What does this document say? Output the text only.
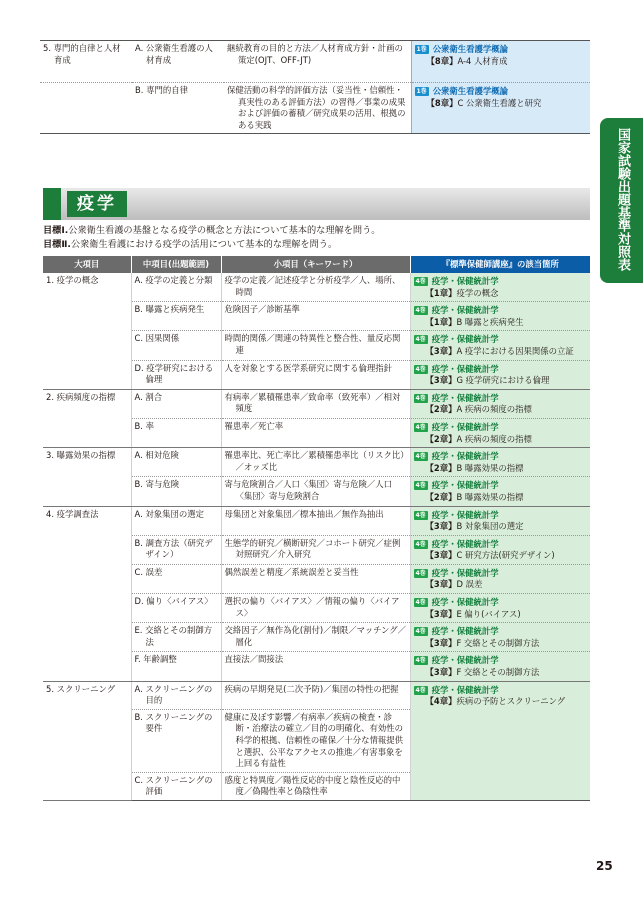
5. 専門的自律と人材育成	A. 公衆衛生看護の人材育成	継続教育の目的と方法／人材育成方針・計画の策定(OJT、OFF-JT)	1巻 公衆衛生看護学概論
【8章】A-4 人材育成

	B. 専門的自律	保健活動の科学的評価方法（妥当性・信頼性・真実性のある評価方法）の習得／事業の成果および評価の蓄積／研究成果の活用、根拠のある実践	1巻 公衆衛生看護学概論
【8章】C 公衆衛生看護と研究
疫学
目標Ⅰ.公衆衛生看護の基盤となる疫学の概念と方法について基本的な理解を問う。
目標Ⅱ.公衆衛生看護における疫学の活用について基本的な理解を問う。
大項目	中項目(出題範囲)	小項目（キーワード）	『標準保健師講座』の該当箇所

1. 疫学の概念	A. 疫学の定義と分類	疫学の定義／記述疫学と分析疫学／人、場所、時間	4巻 疫学・保健統計学
【1章】疫学の概念

	B. 曝露と疾病発生	危険因子／診断基準	4巻 疫学・保健統計学
【1章】B 曝露と疾病発生

	C. 因果関係	時間的関係／関連の特異性と整合性、量反応関連	4巻 疫学・保健統計学
【3章】A 疫学における因果関係の立証

	D. 疫学研究における倫理	人を対象とする医学系研究に関する倫理指針	4巻 疫学・保健統計学
【3章】G 疫学研究における倫理

2. 疾病頻度の指標	A. 割合	有病率／累積罹患率／致命率（致死率）／相対頻度	4巻 疫学・保健統計学
【2章】A 疾病の頻度の指標

	B. 率	罹患率／死亡率	4巻 疫学・保健統計学
【2章】A 疾病の頻度の指標

3. 曝露効果の指標	A. 相対危険	罹患率比、死亡率比／累積罹患率比（リスク比）／オッズ比	4巻 疫学・保健統計学
【2章】B 曝露効果の指標

	B. 寄与危険	寄与危険割合／人口〈集団〉寄与危険／人口〈集団〉寄与危険割合	4巻 疫学・保健統計学
【2章】B 曝露効果の指標

4. 疫学調査法	A. 対象集団の選定	母集団と対象集団／標本抽出／無作為抽出	4巻 疫学・保健統計学
【3章】B 対象集団の選定

	B. 調査方法（研究デザイン）	生態学的研究／横断研究／コホート研究／症例対照研究／介入研究	4巻 疫学・保健統計学
【3章】C 研究方法(研究デザイン)

	C. 誤差	偶然誤差と精度／系統誤差と妥当性	4巻 疫学・保健統計学
【3章】D 誤差

	D. 偏り〈バイアス〉	選択の偏り〈バイアス〉／情報の偏り〈バイアス〉	4巻 疫学・保健統計学
【3章】E 偏り(バイアス)

	E. 交絡とその制御方法	交絡因子／無作為化(割付)／制限／マッチング／層化	4巻 疫学・保健統計学
【3章】F 交絡とその制御方法

	F. 年齢調整	直接法／間接法	4巻 疫学・保健統計学
【3章】F 交絡とその制御方法

5. スクリーニング	A. スクリーニングの目的	疾病の早期発見(二次予防)／集団の特性の把握	4巻 疫学・保健統計学
【4章】疾病の予防とスクリーニング

	B. スクリーニングの要件	健康に及ぼす影響／有病率／疾病の検査・診断・治療法の確立／目的の明確化、有効性の科学的根拠、信頼性の確保／十分な情報提供と選択、公平なアクセスの推進／有害事象を上回る有益性	

	C. スクリーニングの評価	感度と特異度／陽性反応的中度と陰性反応的中度／偽陽性率と偽陰性率	
国家試験出題基準対照表
25
